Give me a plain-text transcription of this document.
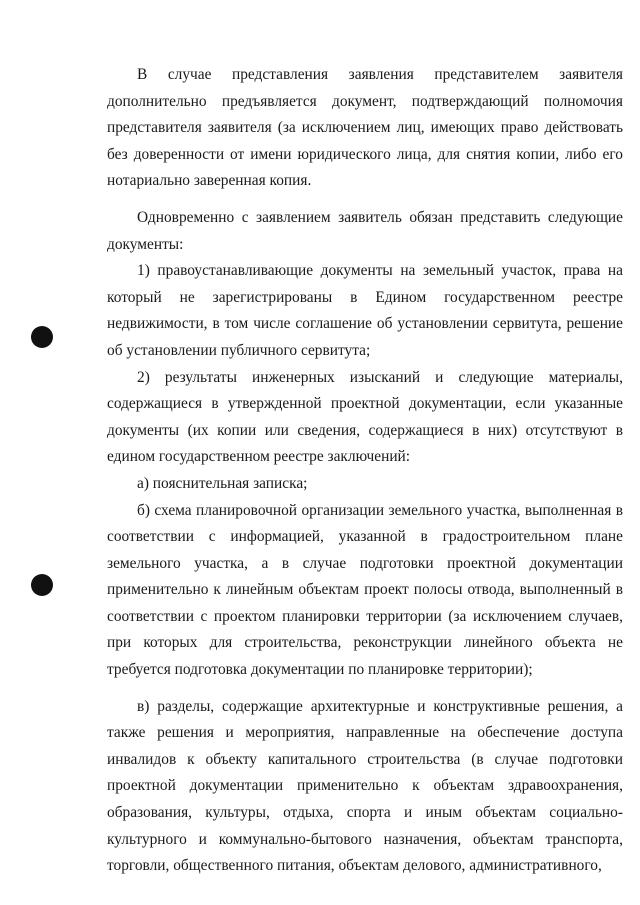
В случае представления заявления представителем заявителя дополнительно предъявляется документ, подтверждающий полномочия представителя заявителя (за исключением лиц, имеющих право действовать без доверенности от имени юридического лица, для снятия копии, либо его нотариально заверенная копия.

Одновременно с заявлением заявитель обязан представить следующие документы:

1) правоустанавливающие документы на земельный участок, права на который не зарегистрированы в Едином государственном реестре недвижимости, в том числе соглашение об установлении сервитута, решение об установлении публичного сервитута;

2) результаты инженерных изысканий и следующие материалы, содержащиеся в утвержденной проектной документации, если указанные документы (их копии или сведения, содержащиеся в них) отсутствуют в едином государственном реестре заключений:

а) пояснительная записка;

б) схема планировочной организации земельного участка, выполненная в соответствии с информацией, указанной в градостроительном плане земельного участка, а в случае подготовки проектной документации применительно к линейным объектам проект полосы отвода, выполненный в соответствии с проектом планировки территории (за исключением случаев, при которых для строительства, реконструкции линейного объекта не требуется подготовка документации по планировке территории);

в) разделы, содержащие архитектурные и конструктивные решения, а также решения и мероприятия, направленные на обеспечение доступа инвалидов к объекту капитального строительства (в случае подготовки проектной документации применительно к объектам здравоохранения, образования, культуры, отдыха, спорта и иным объектам социально-культурного и коммунально-бытового назначения, объектам транспорта, торговли, общественного питания, объектам делового, административного,
